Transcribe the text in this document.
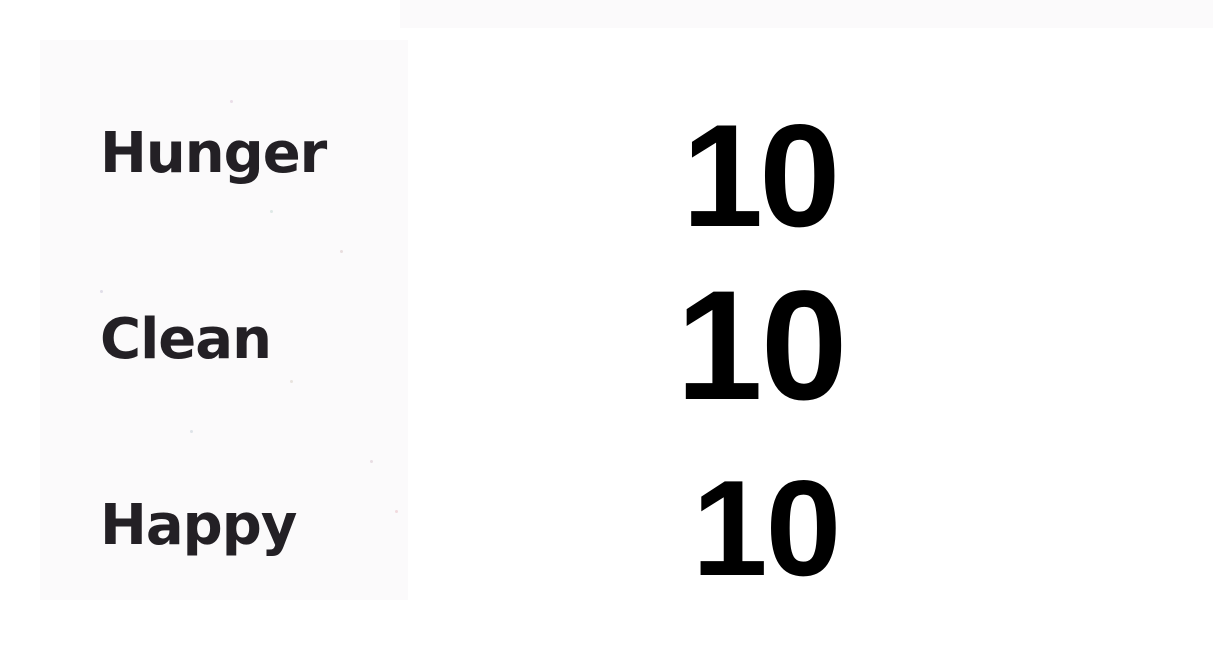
Hunger
Clean
Happy
10
10
10
